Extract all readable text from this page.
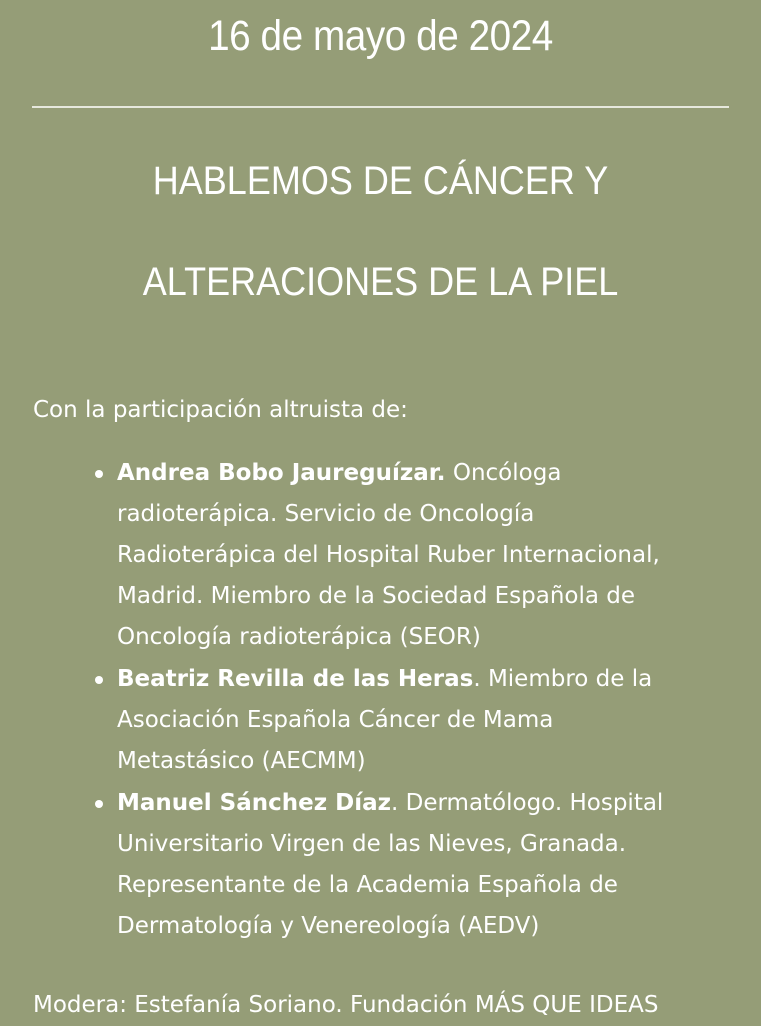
16 de mayo de 2024
HABLEMOS DE CÁNCER Y
ALTERACIONES DE LA PIEL
Con la participación altruista de:
Andrea Bobo Jaureguízar. Oncóloga
radioterápica. Servicio de Oncología
Radioterápica del Hospital Ruber Internacional,
Madrid. Miembro de la Sociedad Española de
Oncología radioterápica (SEOR)
Beatriz Revilla de las Heras. Miembro de la
Asociación Española Cáncer de Mama
Metastásico (AECMM)
Manuel Sánchez Díaz. Dermatólogo. Hospital
Universitario Virgen de las Nieves, Granada.
Representante de la Academia Española de
Dermatología y Venereología (AEDV)
Modera: Estefanía Soriano. Fundación MÁS QUE IDEAS
